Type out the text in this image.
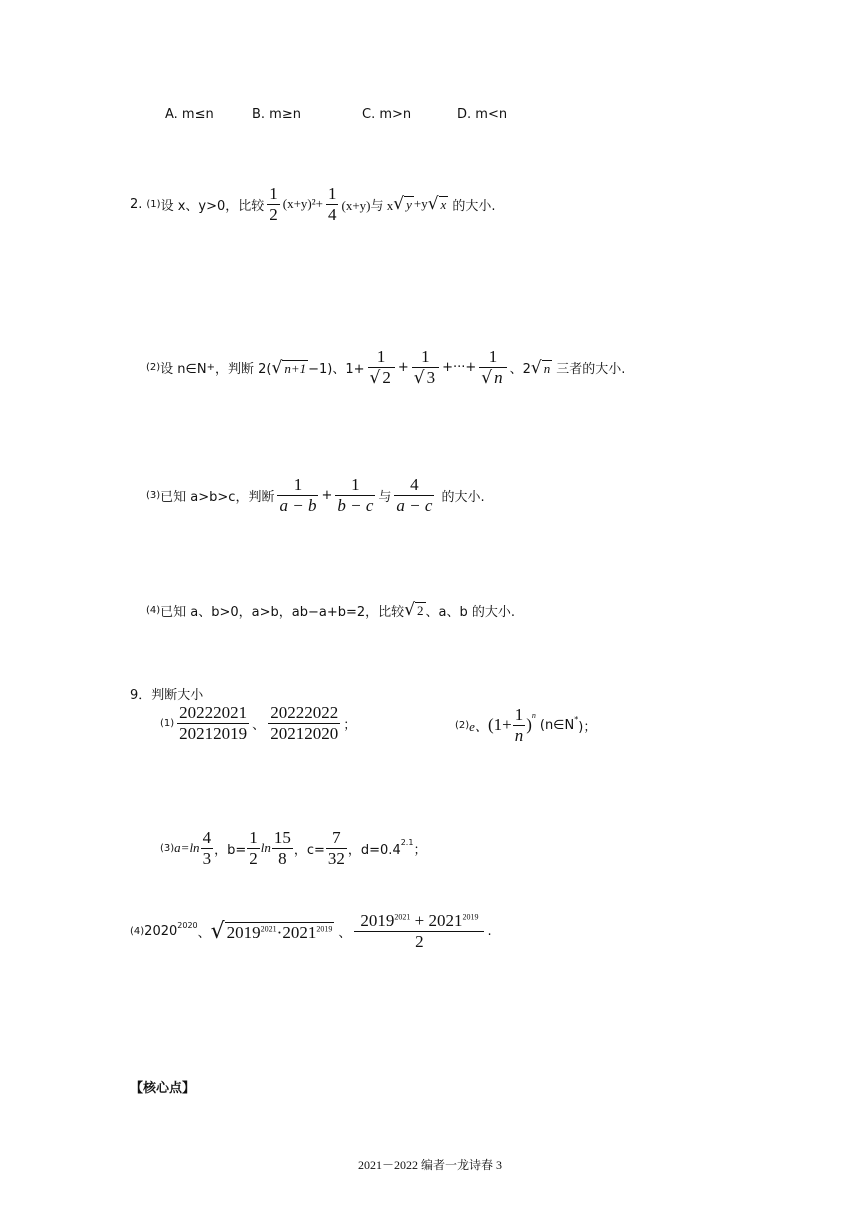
A. m≤n	B. m≥n	C. m>n	D. m<n
2. (1) 设 x、y>0，比较 $\frac{1}{2} (x+y)^2+ \frac{1}{4} (x+y)$与 x √ y +y √ x 的大小.
(2) 设 n∈N + ，判断 2( √ n+1 −1)、$1+ \frac{1}{√ 2} + \frac{1}{√ 3}$ +···+ $\frac{1}{√ n}$ 、2 √ n 三者的大小.
(3) 已知 a>b>c，判断 $\frac{1}{a - b} + \frac{1}{b - c}$ 与 $\frac{4}{a - c}$ 的大小.
(4) 已知 a、b>0，a>b，ab−a+b=2，比较 √ 2 、a、b 的大小.
9．判断大小
$(1) \frac{20222021}{20212019}$ 、 $\frac{20222022}{20212020}$ ；	(2) e、 ($1+ \frac{1}{n}$ ) n
(n∈N *
)；
(3) $a=\ln \frac{4}{3}$ ，$b= \frac{1}{2}$ $\ln \frac{15}{8}$ ，$c= \frac{7}{32}$ ，d=0.4
2.1
；
(4) 2020 2020
、 √ $2019^{2021}\cdot 2021^{2019}$ 、 $\frac{2019^{2021} + 2021^{2019}}{2}$ .
【核心点】
2021－2022 编者一龙诗春 3
